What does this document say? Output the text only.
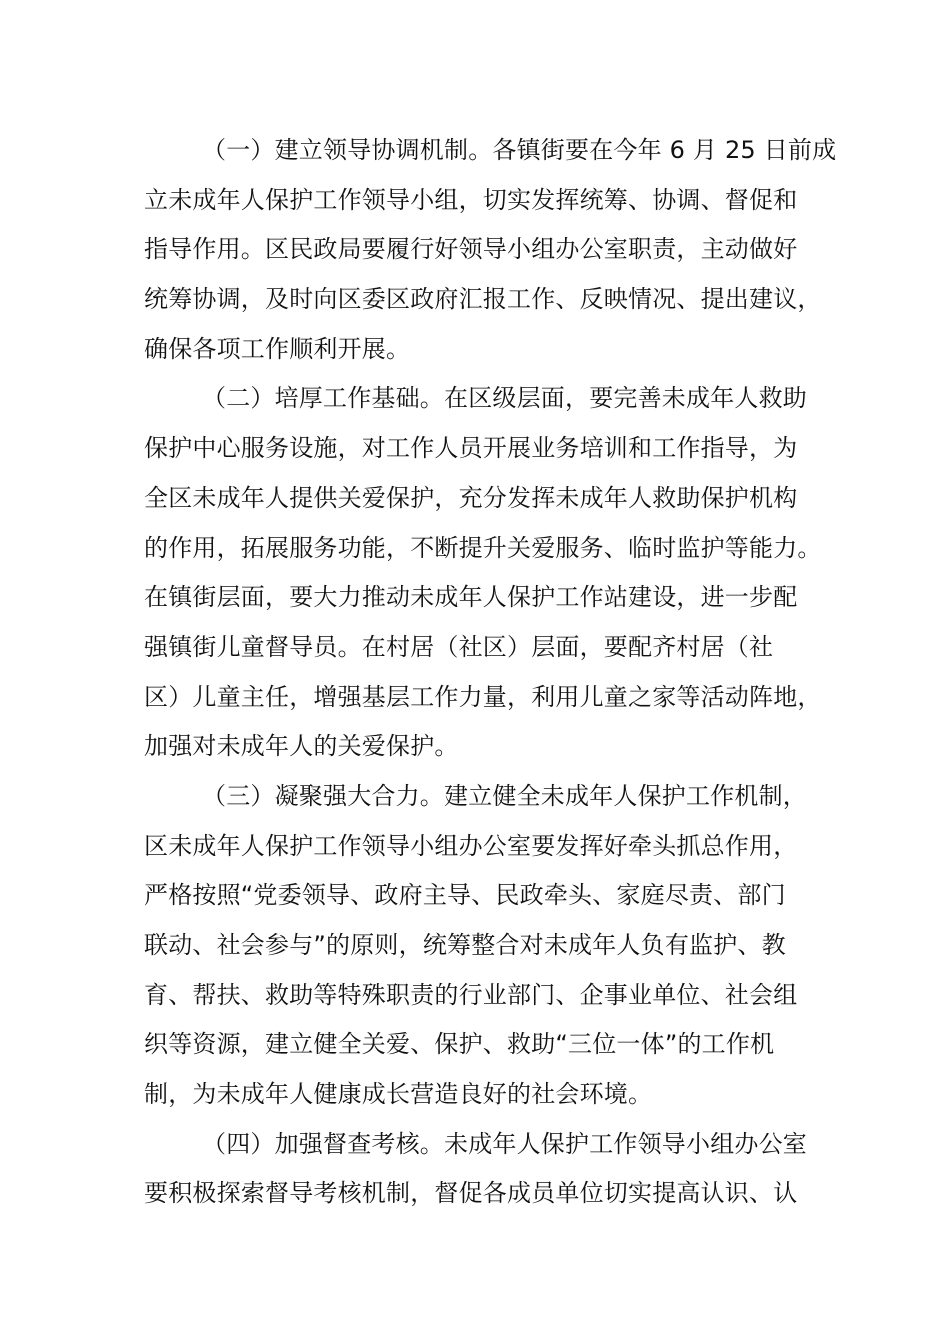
（一）建立领导协调机制。各镇街要在今年 6 月 25 日前成
立未成年人保护工作领导小组，切实发挥统筹、协调、督促和
指导作用。区民政局要履行好领导小组办公室职责，主动做好
统筹协调，及时向区委区政府汇报工作、反映情况、提出建议，
确保各项工作顺利开展。
（二）培厚工作基础。在区级层面，要完善未成年人救助
保护中心服务设施，对工作人员开展业务培训和工作指导，为
全区未成年人提供关爱保护，充分发挥未成年人救助保护机构
的作用，拓展服务功能，不断提升关爱服务、临时监护等能力。
在镇街层面，要大力推动未成年人保护工作站建设，进一步配
强镇街儿童督导员。在村居（社区）层面，要配齐村居（社
区）儿童主任，增强基层工作力量，利用儿童之家等活动阵地，
加强对未成年人的关爱保护。
（三）凝聚强大合力。建立健全未成年人保护工作机制，
区未成年人保护工作领导小组办公室要发挥好牵头抓总作用，
严格按照“党委领导、政府主导、民政牵头、家庭尽责、部门
联动、社会参与”的原则，统筹整合对未成年人负有监护、教
育、帮扶、救助等特殊职责的行业部门、企事业单位、社会组
织等资源，建立健全关爱、保护、救助“三位一体”的工作机
制，为未成年人健康成长营造良好的社会环境。
（四）加强督查考核。未成年人保护工作领导小组办公室
要积极探索督导考核机制，督促各成员单位切实提高认识、认
